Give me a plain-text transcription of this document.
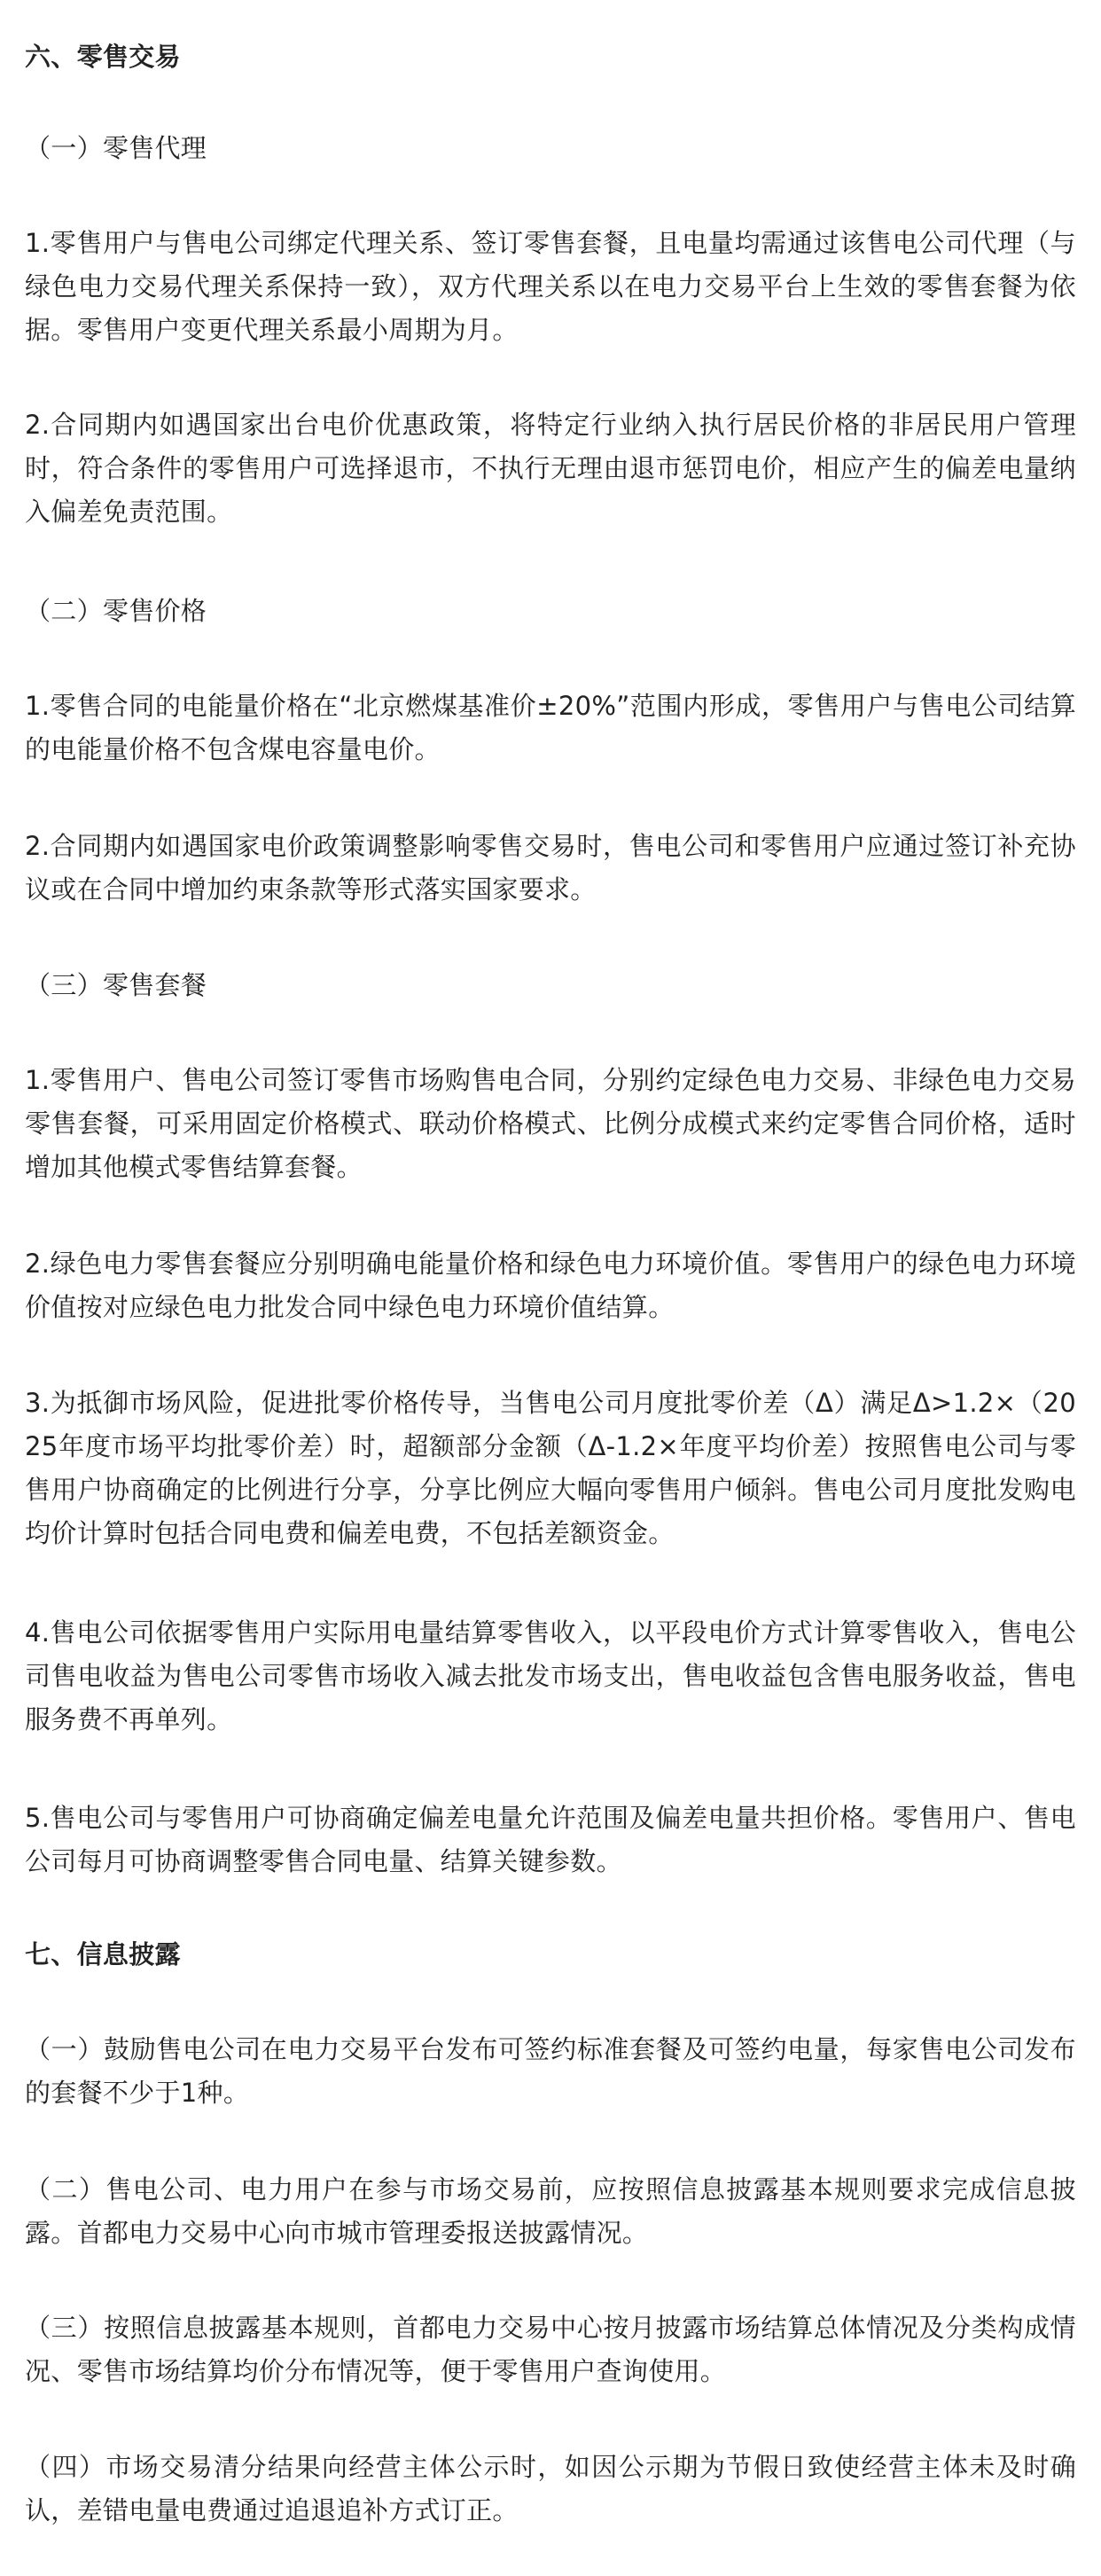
六、零售交易

（一）零售代理

1.零售用户与售电公司绑定代理关系、签订零售套餐，且电量均需通过该售电公司代理（与绿色电力交易代理关系保持一致），双方代理关系以在电力交易平台上生效的零售套餐为依据。零售用户变更代理关系最小周期为月。

2.合同期内如遇国家出台电价优惠政策，将特定行业纳入执行居民价格的非居民用户管理时，符合条件的零售用户可选择退市，不执行无理由退市惩罚电价，相应产生的偏差电量纳入偏差免责范围。

（二）零售价格

1.零售合同的电能量价格在“北京燃煤基准价±20%”范围内形成，零售用户与售电公司结算的电能量价格不包含煤电容量电价。

2.合同期内如遇国家电价政策调整影响零售交易时，售电公司和零售用户应通过签订补充协议或在合同中增加约束条款等形式落实国家要求。

（三）零售套餐

1.零售用户、售电公司签订零售市场购售电合同，分别约定绿色电力交易、非绿色电力交易零售套餐，可采用固定价格模式、联动价格模式、比例分成模式来约定零售合同价格，适时增加其他模式零售结算套餐。

2.绿色电力零售套餐应分别明确电能量价格和绿色电力环境价值。零售用户的绿色电力环境价值按对应绿色电力批发合同中绿色电力环境价值结算。

3.为抵御市场风险，促进批零价格传导，当售电公司月度批零价差（Δ）满足Δ>1.2×（2025年度市场平均批零价差）时，超额部分金额（Δ-1.2×年度平均价差）按照售电公司与零售用户协商确定的比例进行分享，分享比例应大幅向零售用户倾斜。售电公司月度批发购电均价计算时包括合同电费和偏差电费，不包括差额资金。

4.售电公司依据零售用户实际用电量结算零售收入，以平段电价方式计算零售收入，售电公司售电收益为售电公司零售市场收入减去批发市场支出，售电收益包含售电服务收益，售电服务费不再单列。

5.售电公司与零售用户可协商确定偏差电量允许范围及偏差电量共担价格。零售用户、售电公司每月可协商调整零售合同电量、结算关键参数。

七、信息披露

（一）鼓励售电公司在电力交易平台发布可签约标准套餐及可签约电量，每家售电公司发布的套餐不少于1种。

（二）售电公司、电力用户在参与市场交易前，应按照信息披露基本规则要求完成信息披露。首都电力交易中心向市城市管理委报送披露情况。

（三）按照信息披露基本规则，首都电力交易中心按月披露市场结算总体情况及分类构成情况、零售市场结算均价分布情况等，便于零售用户查询使用。

（四）市场交易清分结果向经营主体公示时，如因公示期为节假日致使经营主体未及时确认，差错电量电费通过追退追补方式订正。
